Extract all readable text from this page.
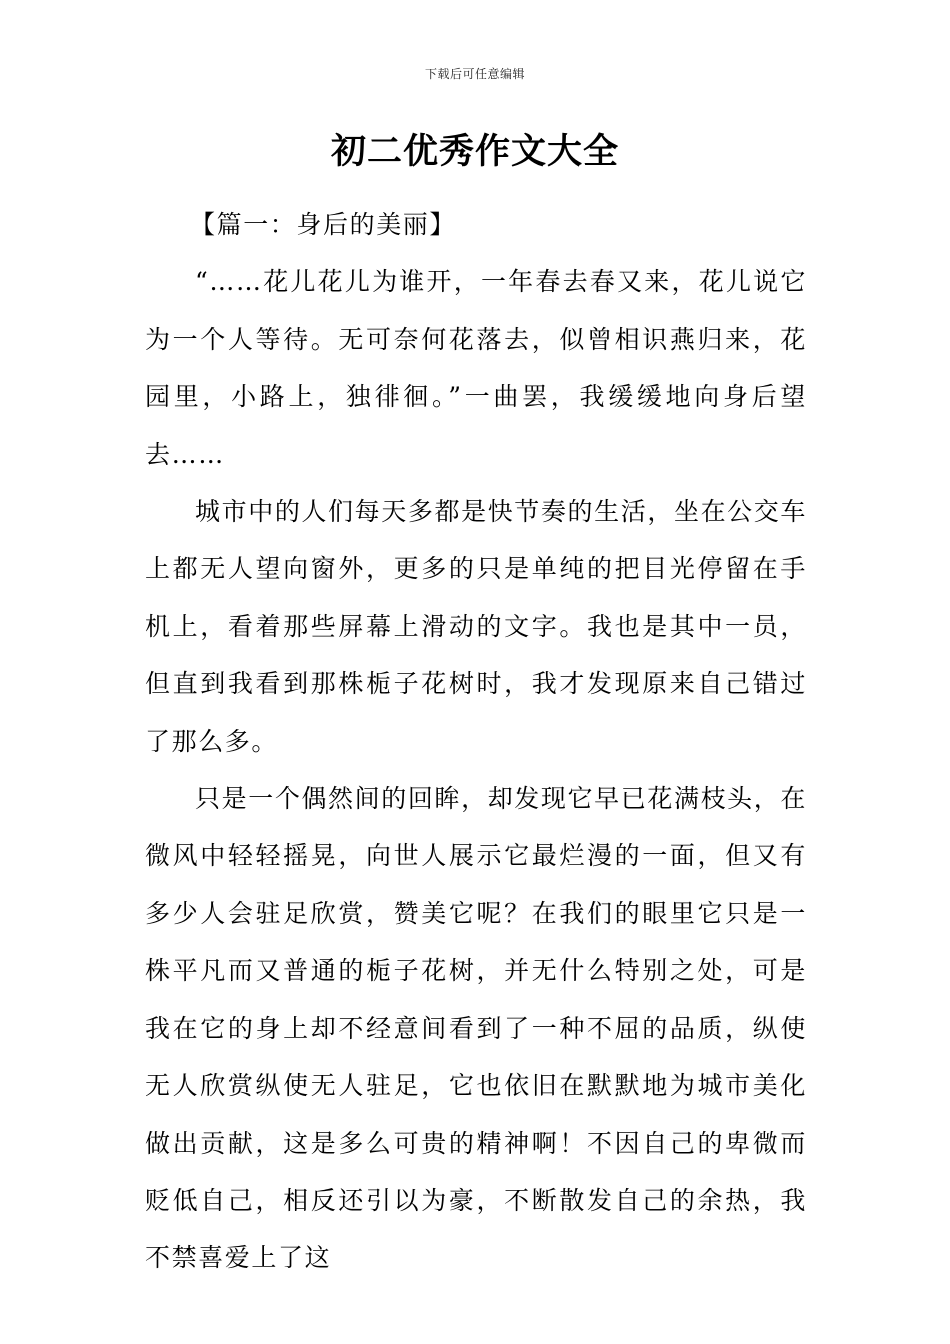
下载后可任意编辑
初二优秀作文大全

【篇一：身后的美丽】

“……花儿花儿为谁开，一年春去春又来，花儿说它为一个人等待。无可奈何花落去，似曾相识燕归来，花园里，小路上，独徘徊。”一曲罢，我缓缓地向身后望去……

城市中的人们每天多都是快节奏的生活，坐在公交车上都无人望向窗外，更多的只是单纯的把目光停留在手机上，看着那些屏幕上滑动的文字。我也是其中一员，但直到我看到那株栀子花树时，我才发现原来自己错过了那么多。

只是一个偶然间的回眸，却发现它早已花满枝头，在微风中轻轻摇晃，向世人展示它最烂漫的一面，但又有多少人会驻足欣赏，赞美它呢？在我们的眼里它只是一株平凡而又普通的栀子花树，并无什么特别之处，可是我在它的身上却不经意间看到了一种不屈的品质，纵使无人欣赏纵使无人驻足，它也依旧在默默地为城市美化做出贡献，这是多么可贵的精神啊！不因自己的卑微而贬低自己，相反还引以为豪，不断散发自己的余热，我不禁喜爱上了这
